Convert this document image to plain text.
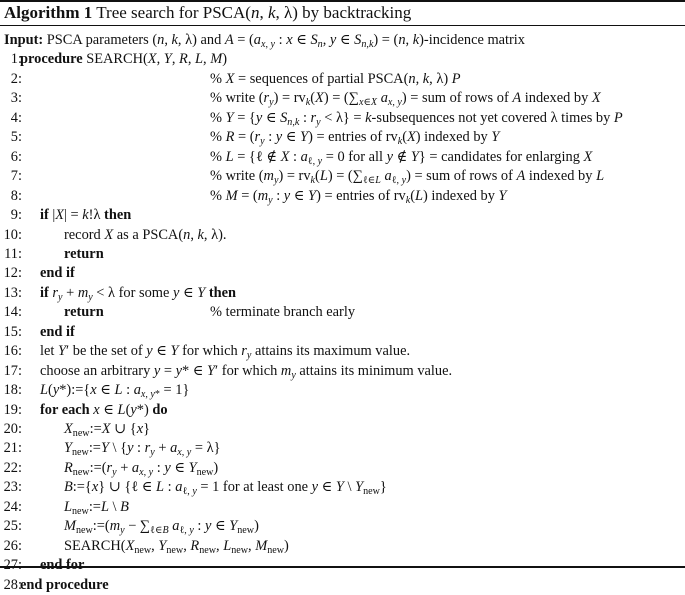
Algorithm 1 Tree search for PSCA(n, k, λ) by backtracking
Input: PSCA parameters (n, k, λ) and $A = (a_{x, y}$ : x ∈ $S_n$, y ∈ $S_{n,k}) = (n$, k)-incidence matrix
1:
procedure SEARCH(X, Y, R, L, M)
2:	% X = sequences of partial PSCA(n, k, λ) P
3:	% write $(r_y) = rv_k(X) = (\sum_{x\in X}$ $a_{x, y}$) = sum of rows of A indexed by X
4:	% Y = {y ∈ $S_{n,k}$ : $r_y < \lambda$} = k-subsequences not yet covered λ times by P
5:	% $R = (r_y$ : y ∈ Y) = entries of $rv_k(X)$ indexed by Y
6:	% L = {ℓ ∉ X : $a_{\ell, y} = 0$ for all y ∉ Y} = candidates for enlarging X
7:	% write $(m_y) = rv_k(L) = (\sum_{\ell\in L}$ $a_{\ell, y}$) = sum of rows of A indexed by L
8:	% $M = (m_y$ : y ∈ Y) = entries of $rv_k(L)$ indexed by Y
9: if |X| = k!λ then
10:	record X as a PSCA(n, k, λ).
11:	return
12: end if
13: if $r_y + m_y < \lambda$ for some y ∈ Y then
14:	return	% terminate branch early
15: end if
16: let Y′ be the set of y ∈ Y for which $r_y$ attains its maximum value.
17: choose an arbitrary y = y* ∈ Y′ for which $m_y$ attains its minimum value.
18: L(y*):={x ∈ L : $a_{x, y*} = 1$}
19: for each x ∈ L(y*) do
20:	$X_{new}:=X$ ∪ {x}
21:	$Y_{new}:=Y$ \ {y : $r_y + a_{x, y} = \lambda$}
22:	$R_{new}:=(r_y + a_{x, y}$ : y ∈ $Y_{new}$)
23:	B:={x} ∪ {ℓ ∈ L : $a_{\ell, y} = 1$ for at least one y ∈ Y \ $Y_{new}$}
24:	$L_{new}:=L$ \ B
25:	$M_{new}:=(m_y - \sum_{\ell\in B}$ $a_{\ell, y}$ : y ∈ $Y_{new}$)
26:	$SEARCH(X_{new}$, $Y_{new}$, $R_{new}$, $L_{new}$, $M_{new}$)
28:
end procedure
